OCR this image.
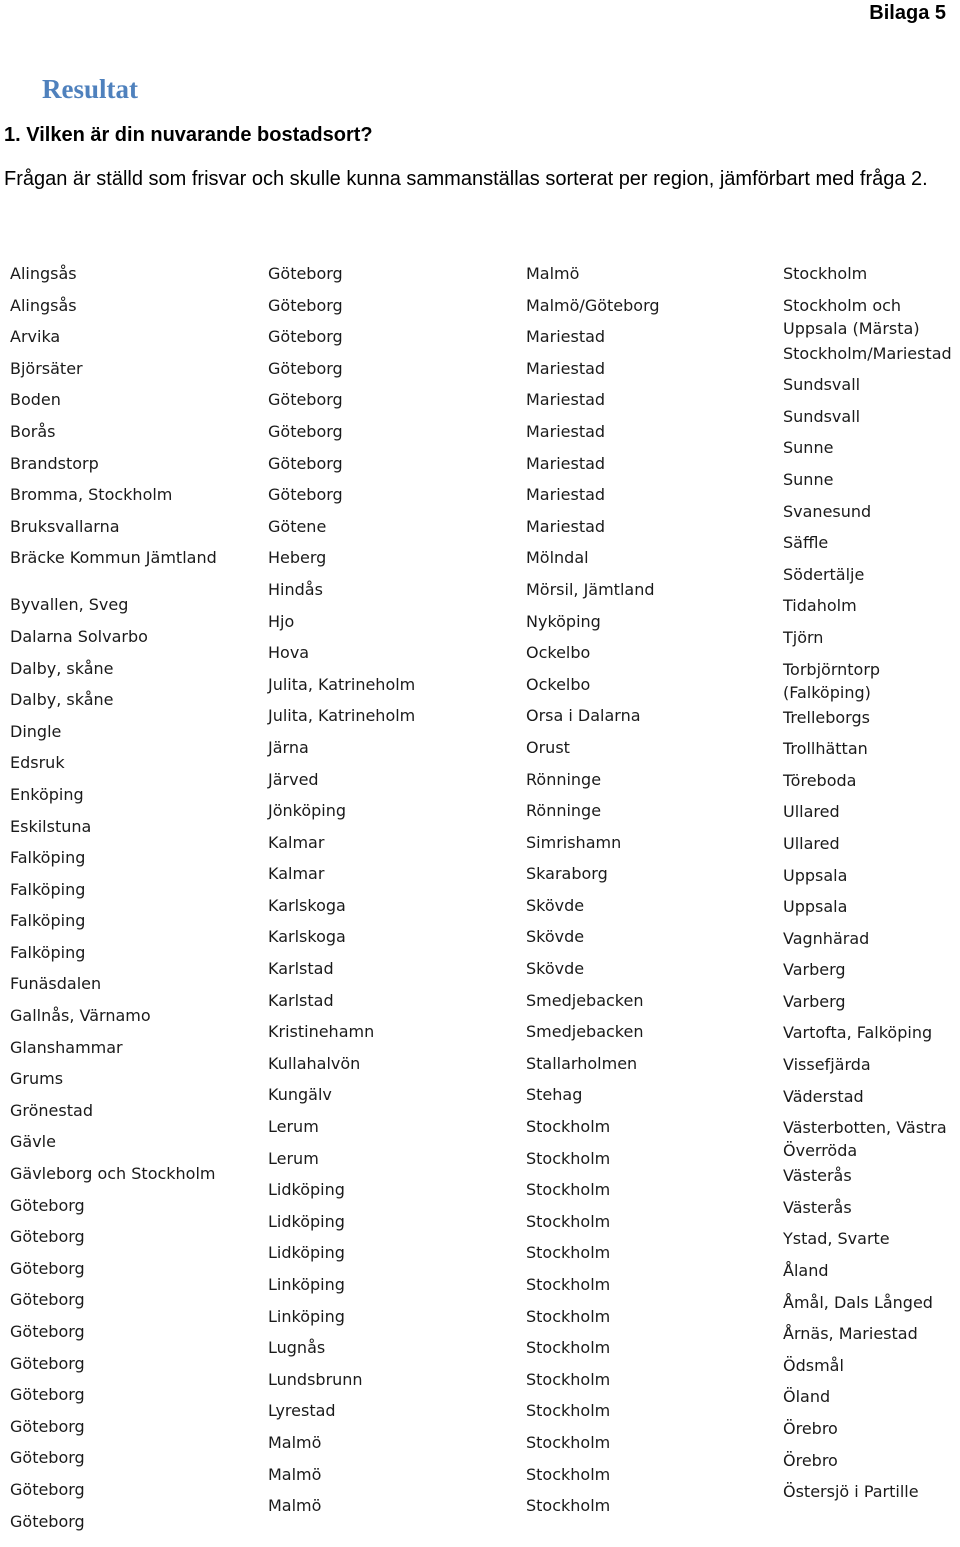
Bilaga 5
Resultat
1. Vilken är din nuvarande bostadsort?
Frågan är ställd som frisvar och skulle kunna sammanställas sorterat per region, jämförbart med fråga 2.
Alingsås
Alingsås
Arvika
Björsäter
Boden
Borås
Brandstorp
Bromma, Stockholm
Bruksvallarna
Bräcke Kommun Jämtland
Byvallen, Sveg
Dalarna Solvarbo
Dalby, skåne
Dalby, skåne
Dingle
Edsruk
Enköping
Eskilstuna
Falköping
Falköping
Falköping
Falköping
Funäsdalen
Gallnås, Värnamo
Glanshammar
Grums
Grönestad
Gävle
Gävleborg och Stockholm
Göteborg
Göteborg
Göteborg
Göteborg
Göteborg
Göteborg
Göteborg
Göteborg
Göteborg
Göteborg
Göteborg
Göteborg
Göteborg
Göteborg
Göteborg
Göteborg
Göteborg
Göteborg
Göteborg
Götene
Heberg
Hindås
Hjo
Hova
Julita, Katrineholm
Julita, Katrineholm
Järna
Järved
Jönköping
Kalmar
Kalmar
Karlskoga
Karlskoga
Karlstad
Karlstad
Kristinehamn
Kullahalvön
Kungälv
Lerum
Lerum
Lidköping
Lidköping
Lidköping
Linköping
Linköping
Lugnås
Lundsbrunn
Lyrestad
Malmö
Malmö
Malmö
Malmö
Malmö/Göteborg
Mariestad
Mariestad
Mariestad
Mariestad
Mariestad
Mariestad
Mariestad
Mölndal
Mörsil, Jämtland
Nyköping
Ockelbo
Ockelbo
Orsa i Dalarna
Orust
Rönninge
Rönninge
Simrishamn
Skaraborg
Skövde
Skövde
Skövde
Smedjebacken
Smedjebacken
Stallarholmen
Stehag
Stockholm
Stockholm
Stockholm
Stockholm
Stockholm
Stockholm
Stockholm
Stockholm
Stockholm
Stockholm
Stockholm
Stockholm
Stockholm
Stockholm
Stockholm och Uppsala (Märsta)
Stockholm/Mariestad
Sundsvall
Sundsvall
Sunne
Sunne
Svanesund
Säffle
Södertälje
Tidaholm
Tjörn
Torbjörntorp (Falköping)
Trelleborgs
Trollhättan
Töreboda
Ullared
Ullared
Uppsala
Uppsala
Vagnhärad
Varberg
Varberg
Vartofta, Falköping
Vissefjärda
Väderstad
Västerbotten, Västra Överröda
Västerås
Västerås
Ystad, Svarte
Åland
Åmål, Dals Långed
Årnäs, Mariestad
Ödsmål
Öland
Örebro
Örebro
Östersjö i Partille
